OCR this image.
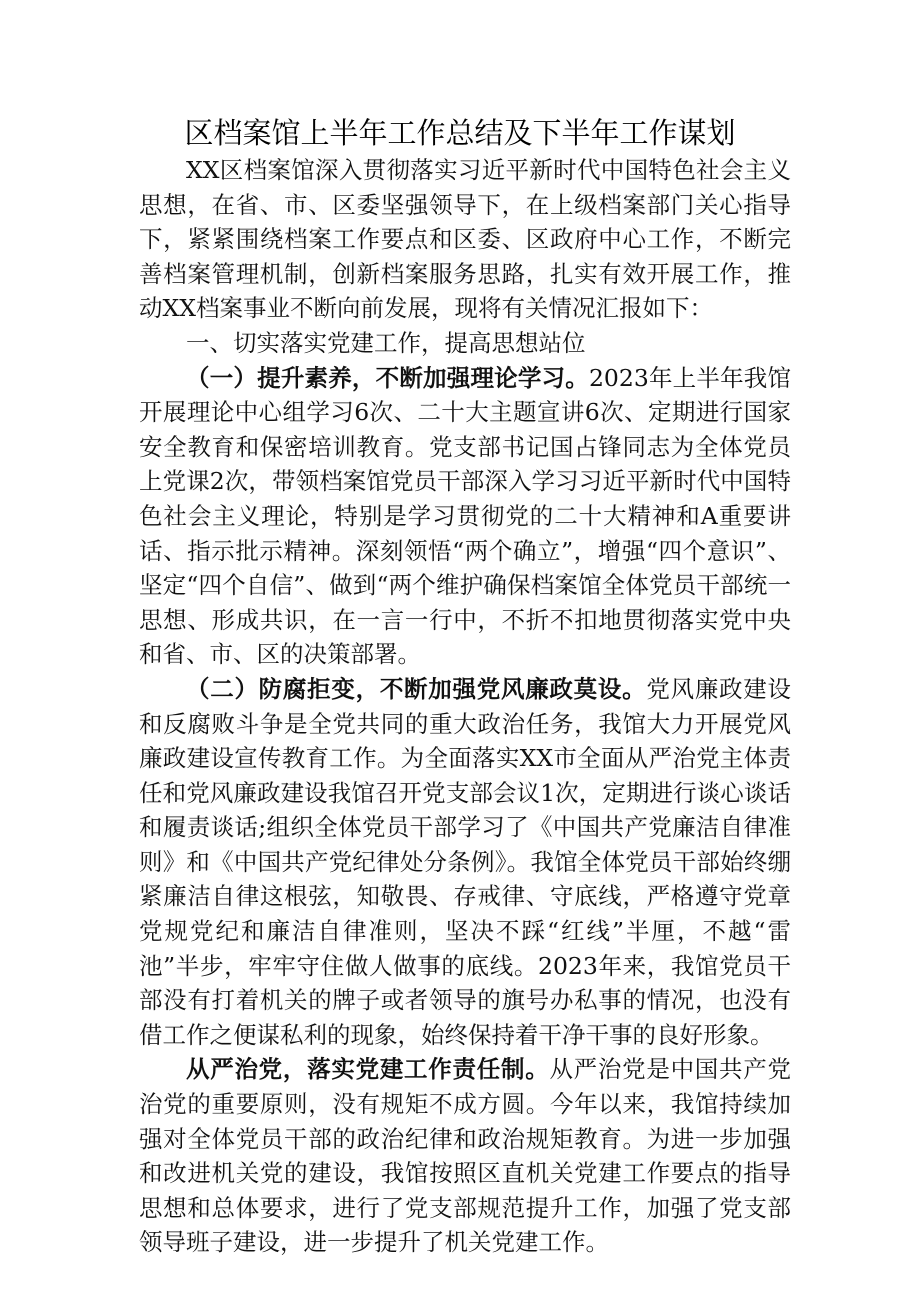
区档案馆上半年工作总结及下半年工作谋划

XX区档案馆深入贯彻落实习近平新时代中国特色社会主义思想，在省、市、区委坚强领导下，在上级档案部门关心指导下，紧紧围绕档案工作要点和区委、区政府中心工作，不断完善档案管理机制，创新档案服务思路，扎实有效开展工作，推动XX档案事业不断向前发展，现将有关情况汇报如下：

一、切实落实党建工作，提高思想站位

（一）提升素养，不断加强理论学习。2023年上半年我馆开展理论中心组学习6次、二十大主题宣讲6次、定期进行国家安全教育和保密培训教育。党支部书记国占锋同志为全体党员上党课2次，带领档案馆党员干部深入学习习近平新时代中国特色社会主义理论，特别是学习贯彻党的二十大精神和A重要讲话、指示批示精神。深刻领悟“两个确立”，增强“四个意识”、坚定“四个自信”、做到“两个维护确保档案馆全体党员干部统一思想、形成共识，在一言一行中，不折不扣地贯彻落实党中央和省、市、区的决策部署。

（二）防腐拒变，不断加强党风廉政莫设。党风廉政建设和反腐败斗争是全党共同的重大政治任务，我馆大力开展党风廉政建设宣传教育工作。为全面落实XX市全面从严治党主体责任和党风廉政建设我馆召开党支部会议1次，定期进行谈心谈话和履责谈话;组织全体党员干部学习了《中国共产党廉洁自律准则》和《中国共产党纪律处分条例》。我馆全体党员干部始终绷紧廉洁自律这根弦，知敬畏、存戒律、守底线，严格遵守党章党规党纪和廉洁自律准则，坚决不踩“红线”半厘，不越“雷池”半步，牢牢守住做人做事的底线。2023年来，我馆党员干部没有打着机关的牌子或者领导的旗号办私事的情况，也没有借工作之便谋私利的现象，始终保持着干净干事的良好形象。

从严治党，落实党建工作责任制。从严治党是中国共产党治党的重要原则，没有规矩不成方圆。今年以来，我馆持续加强对全体党员干部的政治纪律和政治规矩教育。为进一步加强和改进机关党的建设，我馆按照区直机关党建工作要点的指导思想和总体要求，进行了党支部规范提升工作，加强了党支部领导班子建设，进一步提升了机关党建工作。
